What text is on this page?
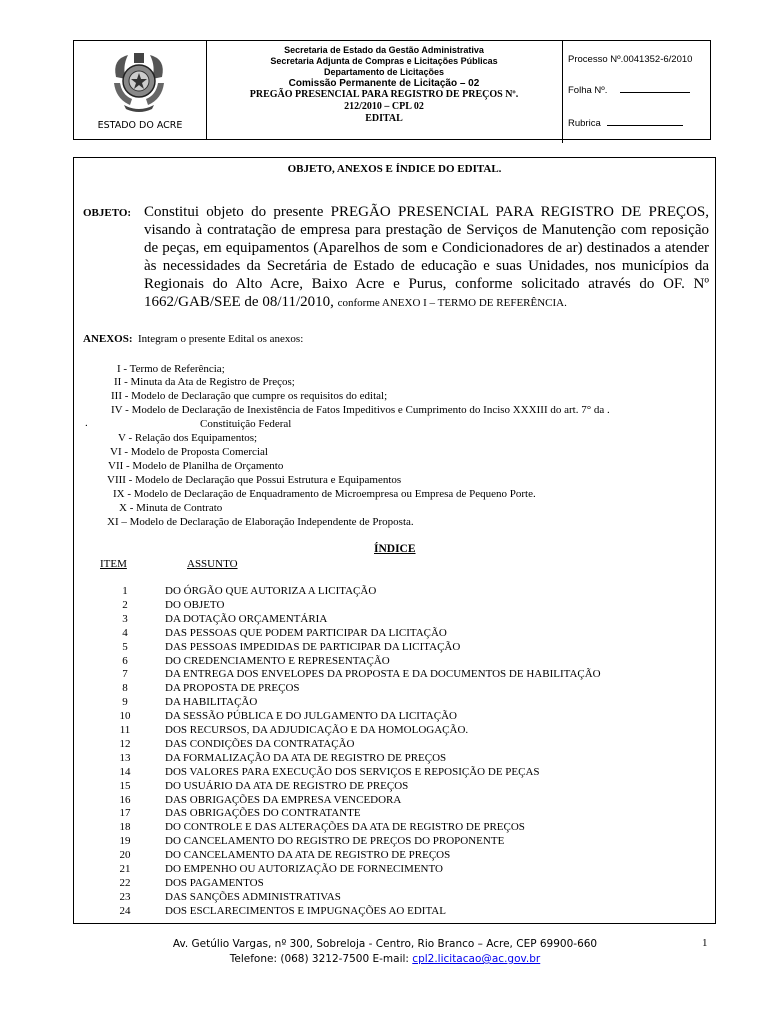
ESTADO DO ACRE
Secretaria de Estado da Gestão Administrativa
Secretaria Adjunta de Compras e Licitações Públicas
Departamento de Licitações
Comissão Permanente de Licitação – 02
PREGÃO PRESENCIAL PARA REGISTRO DE PREÇOS Nº.
212/2010 – CPL 02
EDITAL
Processo Nº.0041352-6/2010
Folha Nº.
Rubrica
OBJETO, ANEXOS E ÍNDICE DO EDITAL.
OBJETO: Constitui objeto do presente PREGÃO PRESENCIAL PARA REGISTRO DE PREÇOS, visando à contratação de empresa para prestação de Serviços de Manutenção com reposição de peças, em equipamentos (Aparelhos de som e Condicionadores de ar) destinados a atender às necessidades da Secretária de Estado de educação e suas Unidades, nos municípios da Regionais do Alto Acre, Baixo Acre e Purus, conforme solicitado através do OF. Nº 1662/GAB/SEE de 08/11/2010, conforme ANEXO I – TERMO DE REFERÊNCIA.
ANEXOS: Integram o presente Edital os anexos:
I - Termo de Referência;
II - Minuta da Ata de Registro de Preços;
III - Modelo de Declaração que cumpre os requisitos do edital;
IV - Modelo de Declaração de Inexistência de Fatos Impeditivos e Cumprimento do Inciso XXXIII do art. 7° da .
.	Constituição Federal
V - Relação dos Equipamentos;
VI - Modelo de Proposta Comercial
VII - Modelo de Planilha de Orçamento
VIII - Modelo de Declaração que Possui Estrutura e Equipamentos
IX - Modelo de Declaração de Enquadramento de Microempresa ou Empresa de Pequeno Porte.
X - Minuta de Contrato
XI – Modelo de Declaração de Elaboração Independente de Proposta.
ÍNDICE
ITEM	ASSUNTO
1	DO ÓRGÃO QUE AUTORIZA A LICITAÇÃO
2	DO OBJETO
3	DA DOTAÇÃO ORÇAMENTÁRIA
4	DAS PESSOAS QUE PODEM PARTICIPAR DA LICITAÇÃO
5	DAS PESSOAS IMPEDIDAS DE PARTICIPAR DA LICITAÇÃO
6	DO CREDENCIAMENTO E REPRESENTAÇÃO
7	DA ENTREGA DOS ENVELOPES DA PROPOSTA E DA DOCUMENTOS DE HABILITAÇÃO
8	DA PROPOSTA DE PREÇOS
9	DA HABILITAÇÃO
10	DA SESSÃO PÚBLICA E DO JULGAMENTO DA LICITAÇÃO
11	DOS RECURSOS, DA ADJUDICAÇÃO E DA HOMOLOGAÇÃO.
12	DAS CONDIÇÕES DA CONTRATAÇÃO
13	DA FORMALIZAÇÃO DA ATA DE REGISTRO DE PREÇOS
14	DOS VALORES PARA EXECUÇÃO DOS SERVIÇOS E REPOSIÇÃO DE PEÇAS
15	DO USUÁRIO DA ATA DE REGISTRO DE PREÇOS
16	DAS OBRIGAÇÕES DA EMPRESA VENCEDORA
17	DAS OBRIGAÇÕES DO CONTRATANTE
18	DO CONTROLE E DAS ALTERAÇÕES DA ATA DE REGISTRO DE PREÇOS
19	DO CANCELAMENTO DO REGISTRO DE PREÇOS DO PROPONENTE
20	DO CANCELAMENTO DA ATA DE REGISTRO DE PREÇOS
21	DO EMPENHO OU AUTORIZAÇÃO DE FORNECIMENTO
22	DOS PAGAMENTOS
23	DAS SANÇÕES ADMINISTRATIVAS
24	DOS ESCLARECIMENTOS E IMPUGNAÇÕES AO EDITAL
Av. Getúlio Vargas, nº 300, Sobreloja - Centro, Rio Branco – Acre, CEP 69900-660
Telefone: (068) 3212-7500 E-mail: cpl2.licitacao@ac.gov.br
1
